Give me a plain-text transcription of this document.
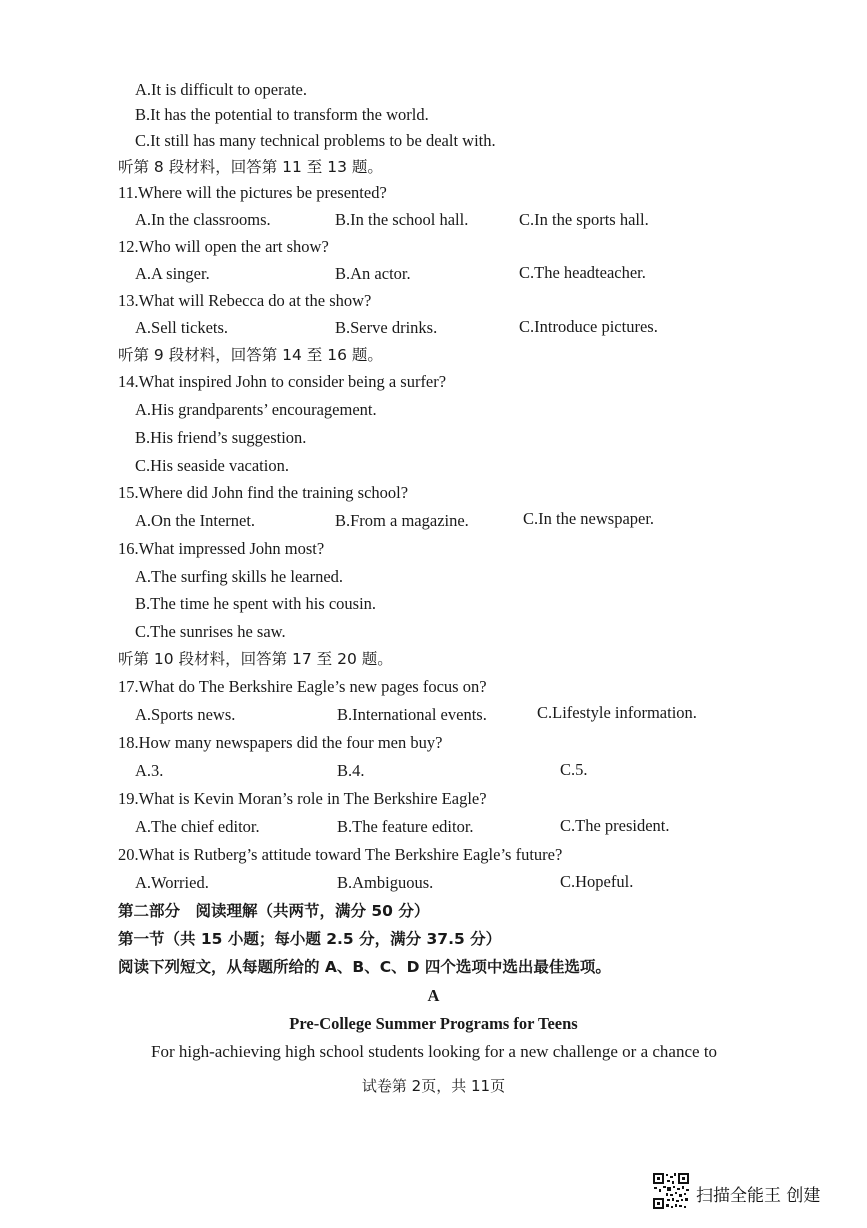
A.It is difficult to operate.
B.It has the potential to transform the world.
C.It still has many technical problems to be dealt with.
听第 8 段材料，回答第 11 至 13 题。
11.Where will the pictures be presented?
A.In the classrooms.	B.In the school hall.	C.In the sports hall.
12.Who will open the art show?
A.A singer.	B.An actor.	C.The headteacher.
13.What will Rebecca do at the show?
A.Sell tickets.	B.Serve drinks.	C.Introduce pictures.
听第 9 段材料，回答第 14 至 16 题。
14.What inspired John to consider being a surfer?
A.His grandparents’ encouragement.
B.His friend’s suggestion.
C.His seaside vacation.
15.Where did John find the training school?
A.On the Internet.	B.From a magazine.	C.In the newspaper.
16.What impressed John most?
A.The surfing skills he learned.
B.The time he spent with his cousin.
C.The sunrises he saw.
听第 10 段材料，回答第 17 至 20 题。
17.What do The Berkshire Eagle’s new pages focus on?
A.Sports news.	B.International events.	C.Lifestyle information.
18.How many newspapers did the four men buy?
A.3.	B.4.	C.5.
19.What is Kevin Moran’s role in The Berkshire Eagle?
A.The chief editor.	B.The feature editor.	C.The president.
20.What is Rutberg’s attitude toward The Berkshire Eagle’s future?
A.Worried.	B.Ambiguous.	C.Hopeful.
第二部分　阅读理解（共两节，满分 50 分）
第一节（共 15 小题；每小题 2.5 分，满分 37.5 分）
阅读下列短文，从每题所给的 A、B、C、D 四个选项中选出最佳选项。
A
Pre-College Summer Programs for Teens
For high-achieving high school students looking for a new challenge or a chance to
试卷第 2页，共 11页
扫描全能王 创建
